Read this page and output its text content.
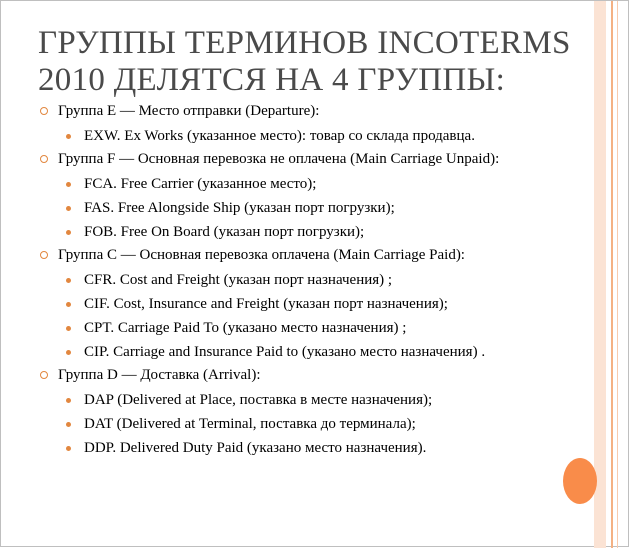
ГРУППЫ ТЕРМИНОВ INCOTERMS 2010 ДЕЛЯТСЯ НА 4 ГРУППЫ:
Группа E — Место отправки (Departure):
EXW. Ex Works (указанное место): товар со склада продавца.
Группа F — Основная перевозка не оплачена (Main Carriage Unpaid):
FCA. Free Carrier (указанное место);
FAS. Free Alongside Ship (указан порт погрузки);
FOB. Free On Board (указан порт погрузки);
Группа C — Основная перевозка оплачена (Main Carriage Paid):
CFR. Cost and Freight (указан порт назначения) ;
CIF. Cost, Insurance and Freight (указан порт назначения);
CPT. Carriage Paid To (указано место назначения) ;
CIP. Carriage and Insurance Paid to (указано место назначения) .
Группа D — Доставка (Arrival):
DAP (Delivered at Place, поставка в месте назначения);
DAT (Delivered at Terminal, поставка до терминала);
DDP. Delivered Duty Paid (указано место назначения).
